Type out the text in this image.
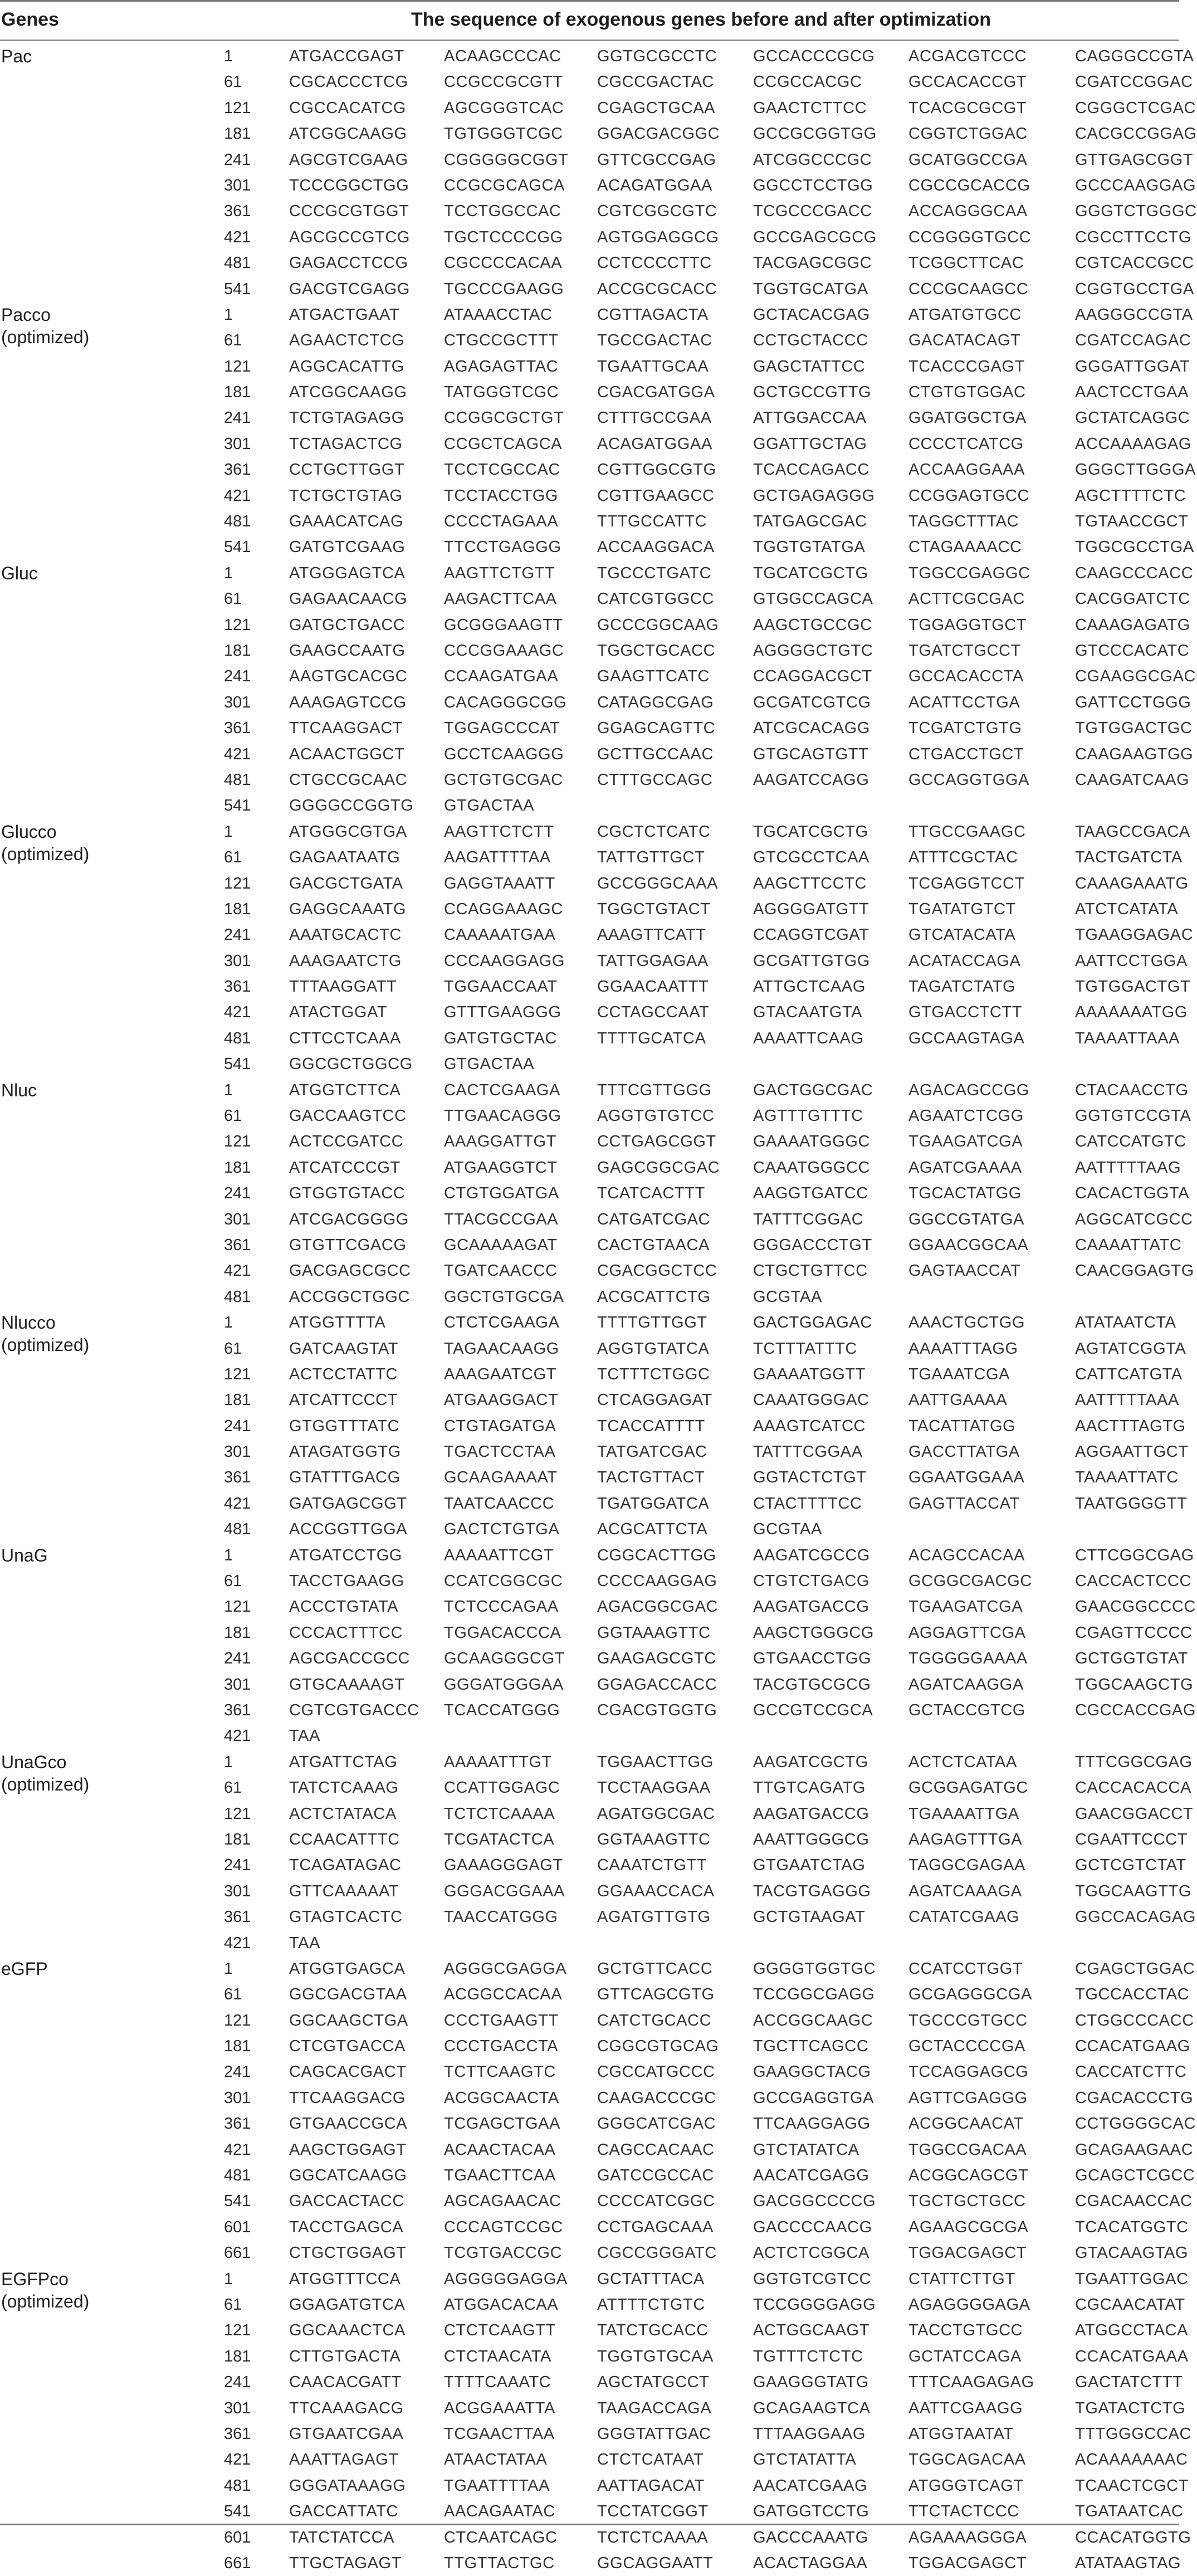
Genes	The sequence of exogenous genes before and after optimization
Pac	1	ATGACCGAGT ACAAGCCCAC GGTGCGCCTC GCCACCCGCG ACGACGTCCC	CAGGGCCGTA
61	CGCACCCTCG CCGCCGCGTT CGCCGACTAC CCGCCACGC	GCCACACCGT	CGATCCGGAC
121 CGCCACATCG AGCGGGTCAC CGAGCTGCAA GAACTCTTCC	TCACGCGCGT	CGGGCTCGAC
181 ATCGGCAAGG TGTGGGTCGC GGACGACGGC GCCGCGGTGG CGGTCTGGAC	CACGCCGGAG
241 AGCGTCGAAG CGGGGGCGGT GTTCGCCGAG ATCGGCCCGC GCATGGCCGA	GTTGAGCGGT
301 TCCCGGCTGG CCGCGCAGCA ACAGATGGAA	GGCCTCCTGG CGCCGCACCG	GCCCAAGGAG
361 CCCGCGTGGT TCCTGGCCAC CGTCGGCGTC TCGCCCGACC ACCAGGGCAA	GGGTCTGGGC
421 AGCGCCGTCG TGCTCCCCGG AGTGGAGGCG GCCGAGCGCG CCGGGGTGCC	CGCCTTCCTG
481 GAGACCTCCG CGCCCCACAA CCTCCCCTTC	TACGAGCGGC TCGGCTTCAC	CGTCACCGCC
541 GACGTCGAGG TGCCCGAAGG ACCGCGCACC TGGTGCATGA CCCGCAAGCC	CGGTGCCTGA
Pacco
(optimized)
1	ATGACTGAAT	ATAAACCTAC	CGTTAGACTA	GCTACACGAG ATGATGTGCC	AAGGGCCGTA
61	AGAACTCTCG CTGCCGCTTT TGCCGACTAC	CCTGCTACCC GACATACAGT	CGATCCAGAC
121 AGGCACATTG AGAGAGTTAC TGAATTGCAA	GAGCTATTCC	TCACCCGAGT	GGGATTGGAT
181 ATCGGCAAGG TATGGGTCGC CGACGATGGA GCTGCCGTTG CTGTGTGGAC	AACTCCTGAA
241 TCTGTAGAGG CCGGCGCTGT CTTTGCCGAA	ATTGGACCAA	GGATGGCTGA	GCTATCAGGC
301 TCTAGACTCG	CCGCTCAGCA ACAGATGGAA	GGATTGCTAG	CCCCTCATCG	ACCAAAAGAG
361 CCTGCTTGGT TCCTCGCCAC CGTTGGCGTG TCACCAGACC ACCAAGGAAA	GGGCTTGGGA
421 TCTGCTGTAG	TCCTACCTGG CGTTGAAGCC GCTGAGAGGG CCGGAGTGCC	AGCTTTTCTC
481 GAAACATCAG	CCCCTAGAAA TTTGCCATTC	TATGAGCGAC	TAGGCTTTAC	TGTAACCGCT
541 GATGTCGAAG TTCCTGAGGG ACCAAGGACA TGGTGTATGA	CTAGAAAACC	TGGCGCCTGA
Gluc	1	ATGGGAGTCA AAGTTCTGTT	TGCCCTGATC	TGCATCGCTG TGGCCGAGGC	CAAGCCCACC
61	GAGAACAACG AAGACTTCAA CATCGTGGCC GTGGCCAGCA ACTTCGCGAC	CACGGATCTC
121 GATGCTGACC GCGGGAAGTT GCCCGGCAAG AAGCTGCCGC TGGAGGTGCT	CAAAGAGATG
181 GAAGCCAATG CCCGGAAAGC TGGCTGCACC AGGGGCTGTC TGATCTGCCT	GTCCCACATC
241 AAGTGCACGC CCAAGATGAA GAAGTTCATC	CCAGGACGCT GCCACACCTA	CGAAGGCGAC
301 AAAGAGTCCG CACAGGGCGG CATAGGCGAG GCGATCGTCG ACATTCCTGA	GATTCCTGGG
361 TTCAAGGACT	TGGAGCCCAT GGAGCAGTTC ATCGCACAGG TCGATCTGTG	TGTGGACTGC
421 ACAACTGGCT GCCTCAAGGG GCTTGCCAAC GTGCAGTGTT CTGACCTGCT	CAAGAAGTGG
481 CTGCCGCAAC GCTGTGCGAC CTTTGCCAGC	AAGATCCAGG GCCAGGTGGA	CAAGATCAAG
541 GGGGCCGGTG GTGACTAA
Glucco
(optimized)
1	ATGGGCGTGA AAGTTCTCTT	CGCTCTCATC	TGCATCGCTG TTGCCGAAGC	TAAGCCGACA
61	GAGAATAATG	AAGATTTTAA	TATTGTTGCT	GTCGCCTCAA ATTTCGCTAC	TACTGATCTA
121 GACGCTGATA	GAGGTAAATT	GCCGGGCAAA AAGCTTCCTC	TCGAGGTCCT	CAAAGAAATG
181 GAGGCAAATG CCAGGAAAGC TGGCTGTACT	AGGGGATGTT TGATATGTCT	ATCTCATATA
241 AAATGCACTC	CAAAAATGAA	AAAGTTCATT	CCAGGTCGAT GTCATACATA	TGAAGGAGAC
301 AAAGAATCTG	CCCAAGGAGG TATTGGAGAA	GCGATTGTGG ACATACCAGA	AATTCCTGGA
361 TTTAAGGATT	TGGAACCAAT GGAACAATTT	ATTGCTCAAG	TAGATCTATG	TGTGGACTGT
421 ATACTGGAT	GTTTGAAGGG CCTAGCCAAT	GTACAATGTA	GTGACCTCTT	AAAAAAATGG
481 CTTCCTCAAA	GATGTGCTAC TTTTGCATCA	AAAATTCAAG	GCCAAGTAGA	TAAAATTAAA
541 GGCGCTGGCG GTGACTAA
Nluc	1	ATGGTCTTCA	CACTCGAAGA TTTCGTTGGG	GACTGGCGAC AGACAGCCGG	CTACAACCTG
61	GACCAAGTCC TTGAACAGGG AGGTGTGTCC AGTTTGTTTC	AGAATCTCGG	GGTGTCCGTA
121 ACTCCGATCC	AAAGGATTGT	CCTGAGCGGT GAAAATGGGC TGAAGATCGA	CATCCATGTC
181 ATCATCCCGT	ATGAAGGTCT GAGCGGCGAC CAAATGGGCC AGATCGAAAA	AATTTTTAAG
241 GTGGTGTACC CTGTGGATGA TCATCACTTT	AAGGTGATCC TGCACTATGG	CACACTGGTA
301 ATCGACGGGG TTACGCCGAA CATGATCGAC	TATTTCGGAC	GGCCGTATGA	AGGCATCGCC
361 GTGTTCGACG GCAAAAAGAT CACTGTAACA	GGGACCCTGT GGAACGGCAA	CAAAATTATC
421 GACGAGCGCC TGATCAACCC CGACGGCTCC CTGCTGTTCC	GAGTAACCAT	CAACGGAGTG
481 ACCGGCTGGC GGCTGTGCGA ACGCATTCTG	GCGTAA
Nlucco
(optimized)
1	ATGGTTTTA	CTCTCGAAGA TTTTGTTGGT	GACTGGAGAC AAACTGCTGG	ATATAATCTA
61	GATCAAGTAT	TAGAACAAGG AGGTGTATCA	TCTTTATTTC	AAAATTTAGG	AGTATCGGTA
121 ACTCCTATTC	AAAGAATCGT	TCTTTCTGGC	GAAAATGGTT	TGAAATCGA	CATTCATGTA
181 ATCATTCCCT	ATGAAGGACT CTCAGGAGAT	CAAATGGGAC AATTGAAAA	AATTTTTAAA
241 GTGGTTTATC	CTGTAGATGA	TCACCATTTT	AAAGTCATCC	TACATTATGG	AACTTTAGTG
301 ATAGATGGTG	TGACTCCTAA	TATGATCGAC	TATTTCGGAA	GACCTTATGA	AGGAATTGCT
361 GTATTTGACG	GCAAGAAAAT TACTGTTACT	GGTACTCTGT	GGAATGGAAA	TAAAATTATC
421 GATGAGCGGT TAATCAACCC	TGATGGATCA	CTACTTTTCC	GAGTTACCAT	TAATGGGGTT
481 ACCGGTTGGA GACTCTGTGA ACGCATTCTA	GCGTAA
UnaG	1	ATGATCCTGG	AAAAATTCGT	CGGCACTTGG AAGATCGCCG ACAGCCACAA	CTTCGGCGAG
61	TACCTGAAGG CCATCGGCGC CCCCAAGGAG CTGTCTGACG GCGGCGACGC	CACCACTCCC
121 ACCCTGTATA	TCTCCCAGAA AGACGGCGAC AAGATGACCG TGAAGATCGA	GAACGGCCCC
181 CCCACTTTCC	TGGACACCCA GGTAAAGTTC	AAGCTGGGCG AGGAGTTCGA	CGAGTTCCCC
241 AGCGACCGCC GCAAGGGCGT GAAGAGCGTC GTGAACCTGG TGGGGGAAAA	GCTGGTGTAT
301 GTGCAAAAGT GGGATGGGAA GGAGACCACC TACGTGCGCG AGATCAAGGA	TGGCAAGCTG
361 CGTCGTGACCC TCACCATGGG CGACGTGGTG GCCGTCCGCA GCTACCGTCG	CGCCACCGAG
421 TAA
UnaGco
(optimized)
1	ATGATTCTAG	AAAAATTTGT	TGGAACTTGG AAGATCGCTG ACTCTCATAA	TTTCGGCGAG
61	TATCTCAAAG	CCATTGGAGC TCCTAAGGAA	TTGTCAGATG	GCGGAGATGC	CACCACACCA
121 ACTCTATACA	TCTCTCAAAA	AGATGGCGAC AAGATGACCG TGAAAATTGA	GAACGGACCT
181 CCAACATTTC	TCGATACTCA	GGTAAAGTTC	AAATTGGGCG AAGAGTTTGA	CGAATTCCCT
241 TCAGATAGAC	GAAAGGGAGT CAAATCTGTT	GTGAATCTAG	TAGGCGAGAA	GCTCGTCTAT
301 GTTCAAAAAT	GGGACGGAAA GGAAACCACA TACGTGAGGG AGATCAAAGA	TGGCAAGTTG
361 GTAGTCACTC	TAACCATGGG AGATGTTGTG	GCTGTAAGAT	CATATCGAAG	GGCCACAGAG
421 TAA
eGFP	1	ATGGTGAGCA AGGGCGAGGA GCTGTTCACC	GGGGTGGTGC CCATCCTGGT	CGAGCTGGAC
61	GGCGACGTAA ACGGCCACAA GTTCAGCGTG TCCGGCGAGG GCGAGGGCGA	TGCCACCTAC
121 GGCAAGCTGA CCCTGAAGTT CATCTGCACC	ACCGGCAAGC TGCCCGTGCC	CTGGCCCACC
181 CTCGTGACCA CCCTGACCTA CGGCGTGCAG TGCTTCAGCC GCTACCCCGA	CCACATGAAG
241 CAGCACGACT TCTTCAAGTC	CGCCATGCCC GAAGGCTACG TCCAGGAGCG	CACCATCTTC
301 TTCAAGGACG ACGGCAACTA CAAGACCCGC GCCGAGGTGA AGTTCGAGGG	CGACACCCTG
361 GTGAACCGCA TCGAGCTGAA GGGCATCGAC TTCAAGGAGG ACGGCAACAT	CCTGGGGCAC
421 AAGCTGGAGT ACAACTACAA	CAGCCACAAC GTCTATATCA	TGGCCGACAA	GCAGAAGAAC
481 GGCATCAAGG TGAACTTCAA	GATCCGCCAC AACATCGAGG ACGGCAGCGT	GCAGCTCGCC
541 GACCACTACC AGCAGAACAC CCCCATCGGC GACGGCCCCG TGCTGCTGCC	CGACAACCAC
601 TACCTGAGCA	CCCAGTCCGC CCTGAGCAAA GACCCCAACG AGAAGCGCGA	TCACATGGTC
661 CTGCTGGAGT TCGTGACCGC CGCCGGGATC ACTCTCGGCA TGGACGAGCT	GTACAAGTAG
EGFPco
(optimized)
1	ATGGTTTCCA	AGGGGGAGGA GCTATTTACA	GGTGTCGTCC CTATTCTTGT	TGAATTGGAC
61	GGAGATGTCA ATGGACACAA ATTTTCTGTC	TCCGGGGAGG AGAGGGGAGA	CGCAACATAT
121 GGCAAACTCA CTCTCAAGTT	TATCTGCACC	ACTGGCAAGT TACCTGTGCC	ATGGCCTACA
181 CTTGTGACTA	CTCTAACATA	TGGTGTGCAA TGTTTCTCTC	GCTATCCAGA	CCACATGAAA
241 CAACACGATT	TTTTCAAATC	AGCTATGCCT	GAAGGGTATG TTTCAAGAGAG	GACTATCTTT
301 TTCAAAGACG ACGGAAATTA	TAAGACCAGA	GCAGAAGTCA AATTCGAAGG	TGATACTCTG
361 GTGAATCGAA	TCGAACTTAA	GGGTATTGAC	TTTAAGGAAG	ATGGTAATAT	TTTGGGCCAC
421 AAATTAGAGT	ATAACTATAA	CTCTCATAAT	GTCTATATTA	TGGCAGACAA	ACAAAAAAAC
481 GGGATAAAGG TGAATTTTAA	AATTAGACAT	AACATCGAAG	ATGGGTCAGT	TCAACTCGCT
541 GACCATTATC	AACAGAATAC	TCCTATCGGT	GATGGTCCTG TTCTACTCCC	TGATAATCAC
601 TATCTATCCA	CTCAATCAGC TCTCTCAAAA	GACCCAAATG AGAAAAGGGA	CCACATGGTG
661 TTGCTAGAGT	TTGTTACTGC	GGCAGGAATT ACACTAGGAA	TGGACGAGCT	ATATAAGTAG
